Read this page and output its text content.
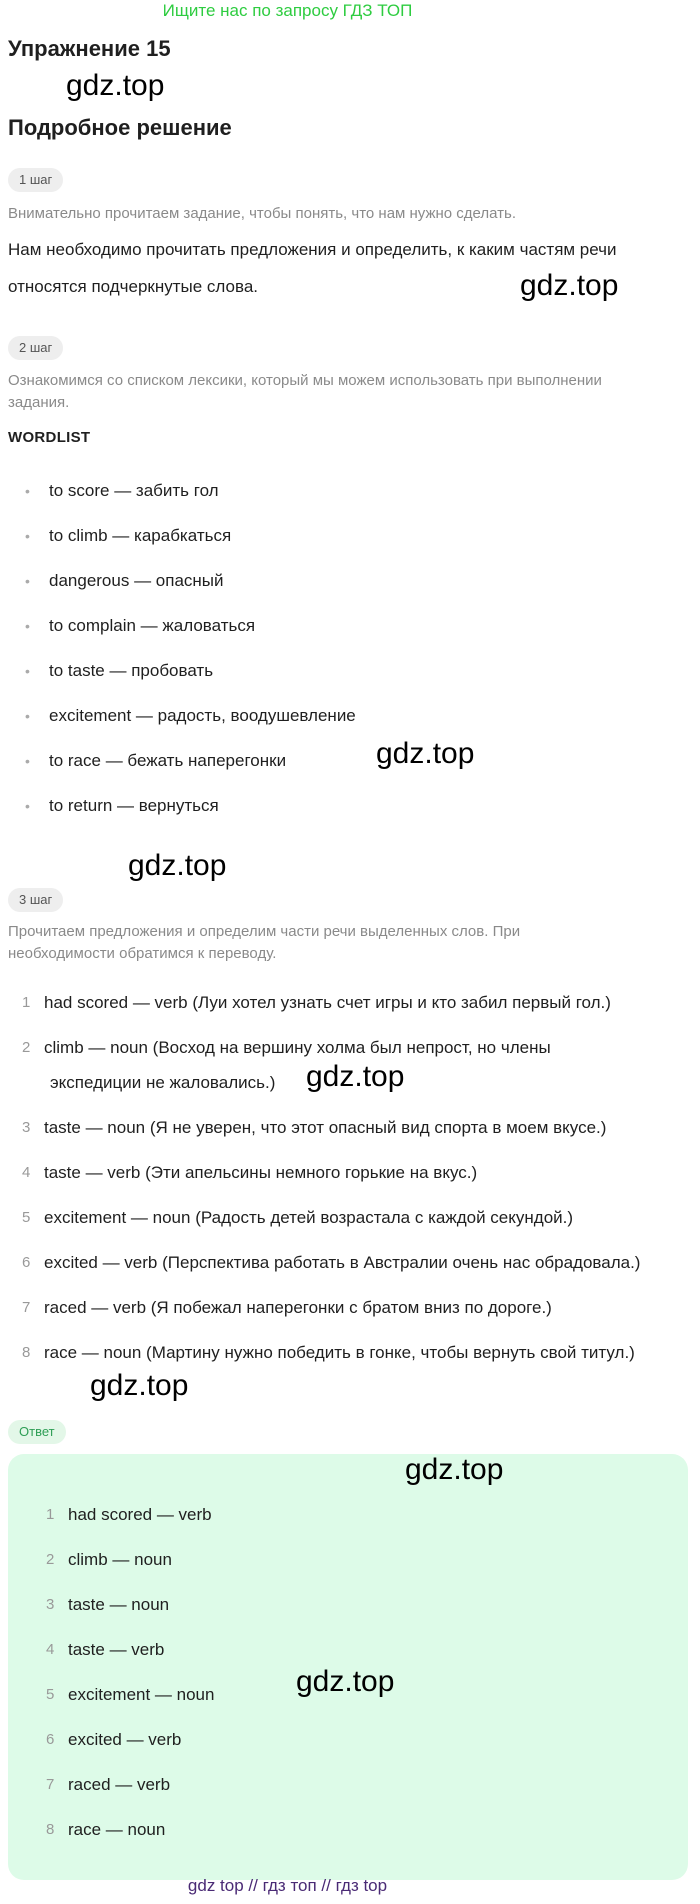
Ищите нас по запросу ГДЗ ТОП
Упражнение 15
gdz.top
Подробное решение
1 шаг
Внимательно прочитаем задание, чтобы понять, что нам нужно сделать.
Нам необходимо прочитать предложения и определить, к каким частям речи
относятся подчеркнутые слова.	gdz.top
2 шаг
Ознакомимся со списком лексики, который мы можем использовать при выполнении
задания.
WORDLIST
• to score — забить гол
• to climb — карабкаться
• dangerous — опасный
• to complain — жаловаться
• to taste — пробовать
• excitement — радость, воодушевление
• to race — бежать наперегонки
• to return — вернуться
gdz.top
gdz.top
3 шаг
Прочитаем предложения и определим части речи выделенных слов. При
необходимости обратимся к переводу.
1 had scored — verb (Луи хотел узнать счет игры и кто забил первый гол.)
2 climb — noun (Восход на вершину холма был непрост, но члены
экспедиции не жаловались.)
3 taste — noun (Я не уверен, что этот опасный вид спорта в моем вкусе.)
4 taste — verb (Эти апельсины немного горькие на вкус.)
5 excitement — noun (Радость детей возрастала с каждой секундой.)
6 excited — verb (Перспектива работать в Австралии очень нас обрадовала.)
7 raced — verb (Я побежал наперегонки с братом вниз по дороге.)
8 race — noun (Мартину нужно победить в гонке, чтобы вернуть свой титул.)
gdz.top
gdz.top
Ответ
gdz.top
1 had scored — verb
2 climb — noun
3 taste — noun
4 taste — verb
5 excitement — noun
6 excited — verb
7 raced — verb
8 race — noun
gdz.top
gdz top // гдз топ // гдз top
